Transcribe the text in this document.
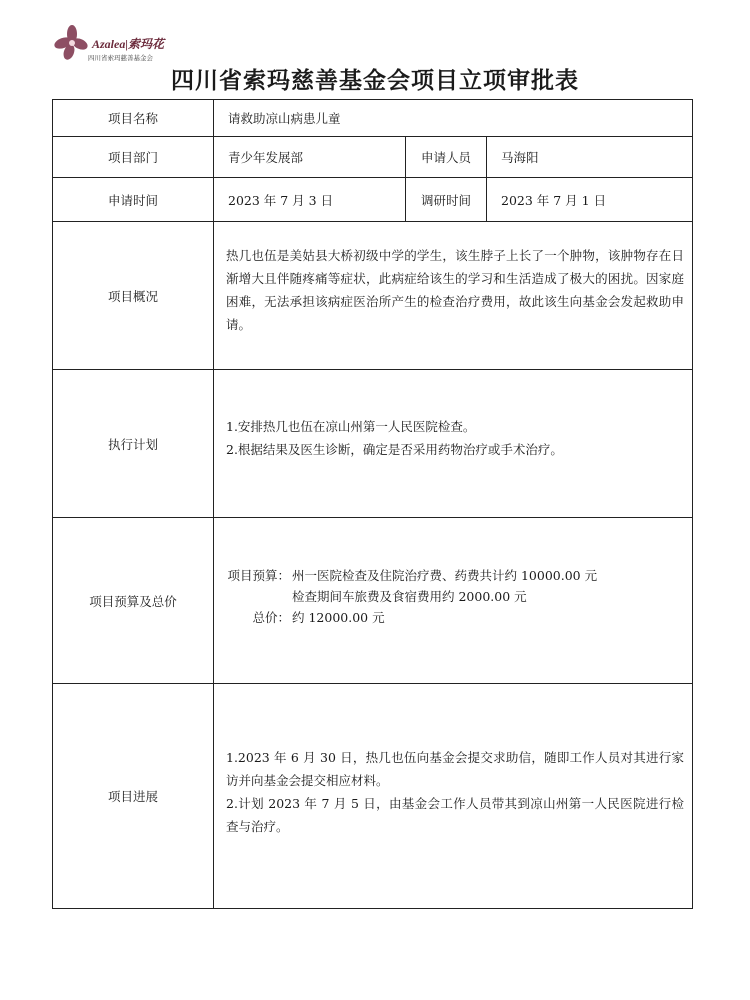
Azalea|索玛花
四川省索玛慈善基金会
四川省索玛慈善基金会项目立项审批表
项目名称	请救助凉山病患儿童		
项目部门	青少年发展部	申请人员	马海阳
申请时间	2023 年 7 月 3 日	调研时间	2023 年 7 月 1 日
项目概况	热几也伍是美姑县大桥初级中学的学生，该生脖子上长了一个肿物，该肿物存在日渐增大且伴随疼痛等症状，此病症给该生的学习和生活造成了极大的困扰。因家庭困难，无法承担该病症医治所产生的检查治疗费用，故此该生向基金会发起救助申请。		

执行计划	1.安排热几也伍在凉山州第一人民医院检查。
2.根据结果及医生诊断，确定是否采用药物治疗或手术治疗。		

项目预算及总价	项目预算： 州一医院检查及住院治疗费、药费共计约 10000.00 元
检查期间车旅费及食宿费用约 2000.00 元
总价： 约 12000.00 元		

项目进展	1.2023 年 6 月 30 日，热几也伍向基金会提交求助信，随即工作人员对其进行家访并向基金会提交相应材料。
2.计划 2023 年 7 月 5 日，由基金会工作人员带其到凉山州第一人民医院进行检查与治疗。		
